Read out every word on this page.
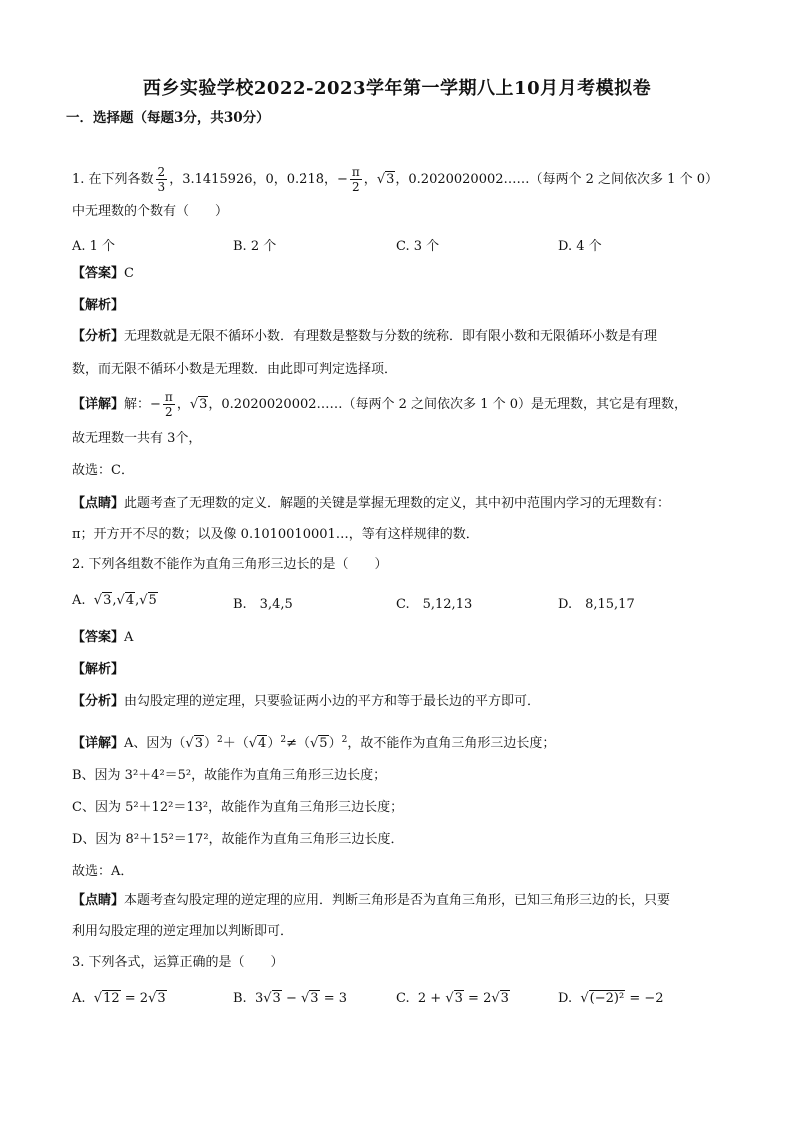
西乡实验学校2022-2023学年第一学期八上10月月考模拟卷
一．选择题（每题3分，共30分）
1. 在下列各数 $\frac{2}{3}$ ，3.1415926，0，0.2̇18̇，− $\frac{\pi}{2}$ ，√3，0.2020020002……（每两个 2 之间依次多 1 个 0）
中无理数的个数有（　　）
A. 1 个	B. 2 个	C. 3 个	D. 4 个
【答案】C
【解析】
【分析】无理数就是无限不循环小数．有理数是整数与分数的统称．即有限小数和无限循环小数是有理
数，而无限不循环小数是无理数．由此即可判定选择项．
【详解】解：− $\frac{\pi}{2}$ ，√3，0.2020020002……（每两个 2 之间依次多 1 个 0）是无理数，其它是有理数，
故无理数一共有 3个，
故选：C．
【点睛】此题考查了无理数的定义．解题的关键是掌握无理数的定义，其中初中范围内学习的无理数有：
π；开方开不尽的数；以及像 0.1010010001…，等有这样规律的数．
2. 下列各组数不能作为直角三角形三边长的是（　　）
A. √3,√4,√5	B.　3,4,5	C.　5,12,13	D.　8,15,17
【答案】A
【解析】
【分析】由勾股定理的逆定理，只要验证两小边的平方和等于最长边的平方即可．
【详解】A、因为$(√3)^2+(√4)^2\ne(√5)^2$，故不能作为直角三角形三边长度；
B、因为 3²＋4²＝5²，故能作为直角三角形三边长度；
C、因为 5²＋12²＝13²，故能作为直角三角形三边长度；
D、因为 8²＋15²＝17²，故能作为直角三角形三边长度．
故选：A．
【点睛】本题考查勾股定理的逆定理的应用．判断三角形是否为直角三角形，已知三角形三边的长，只要
利用勾股定理的逆定理加以判断即可．
3. 下列各式，运算正确的是（　　）
A. √12 = 2√3	B. 3√3 − √3 = 3	C. 2 + √3 = 2√3	D. √(−2)² = −2
